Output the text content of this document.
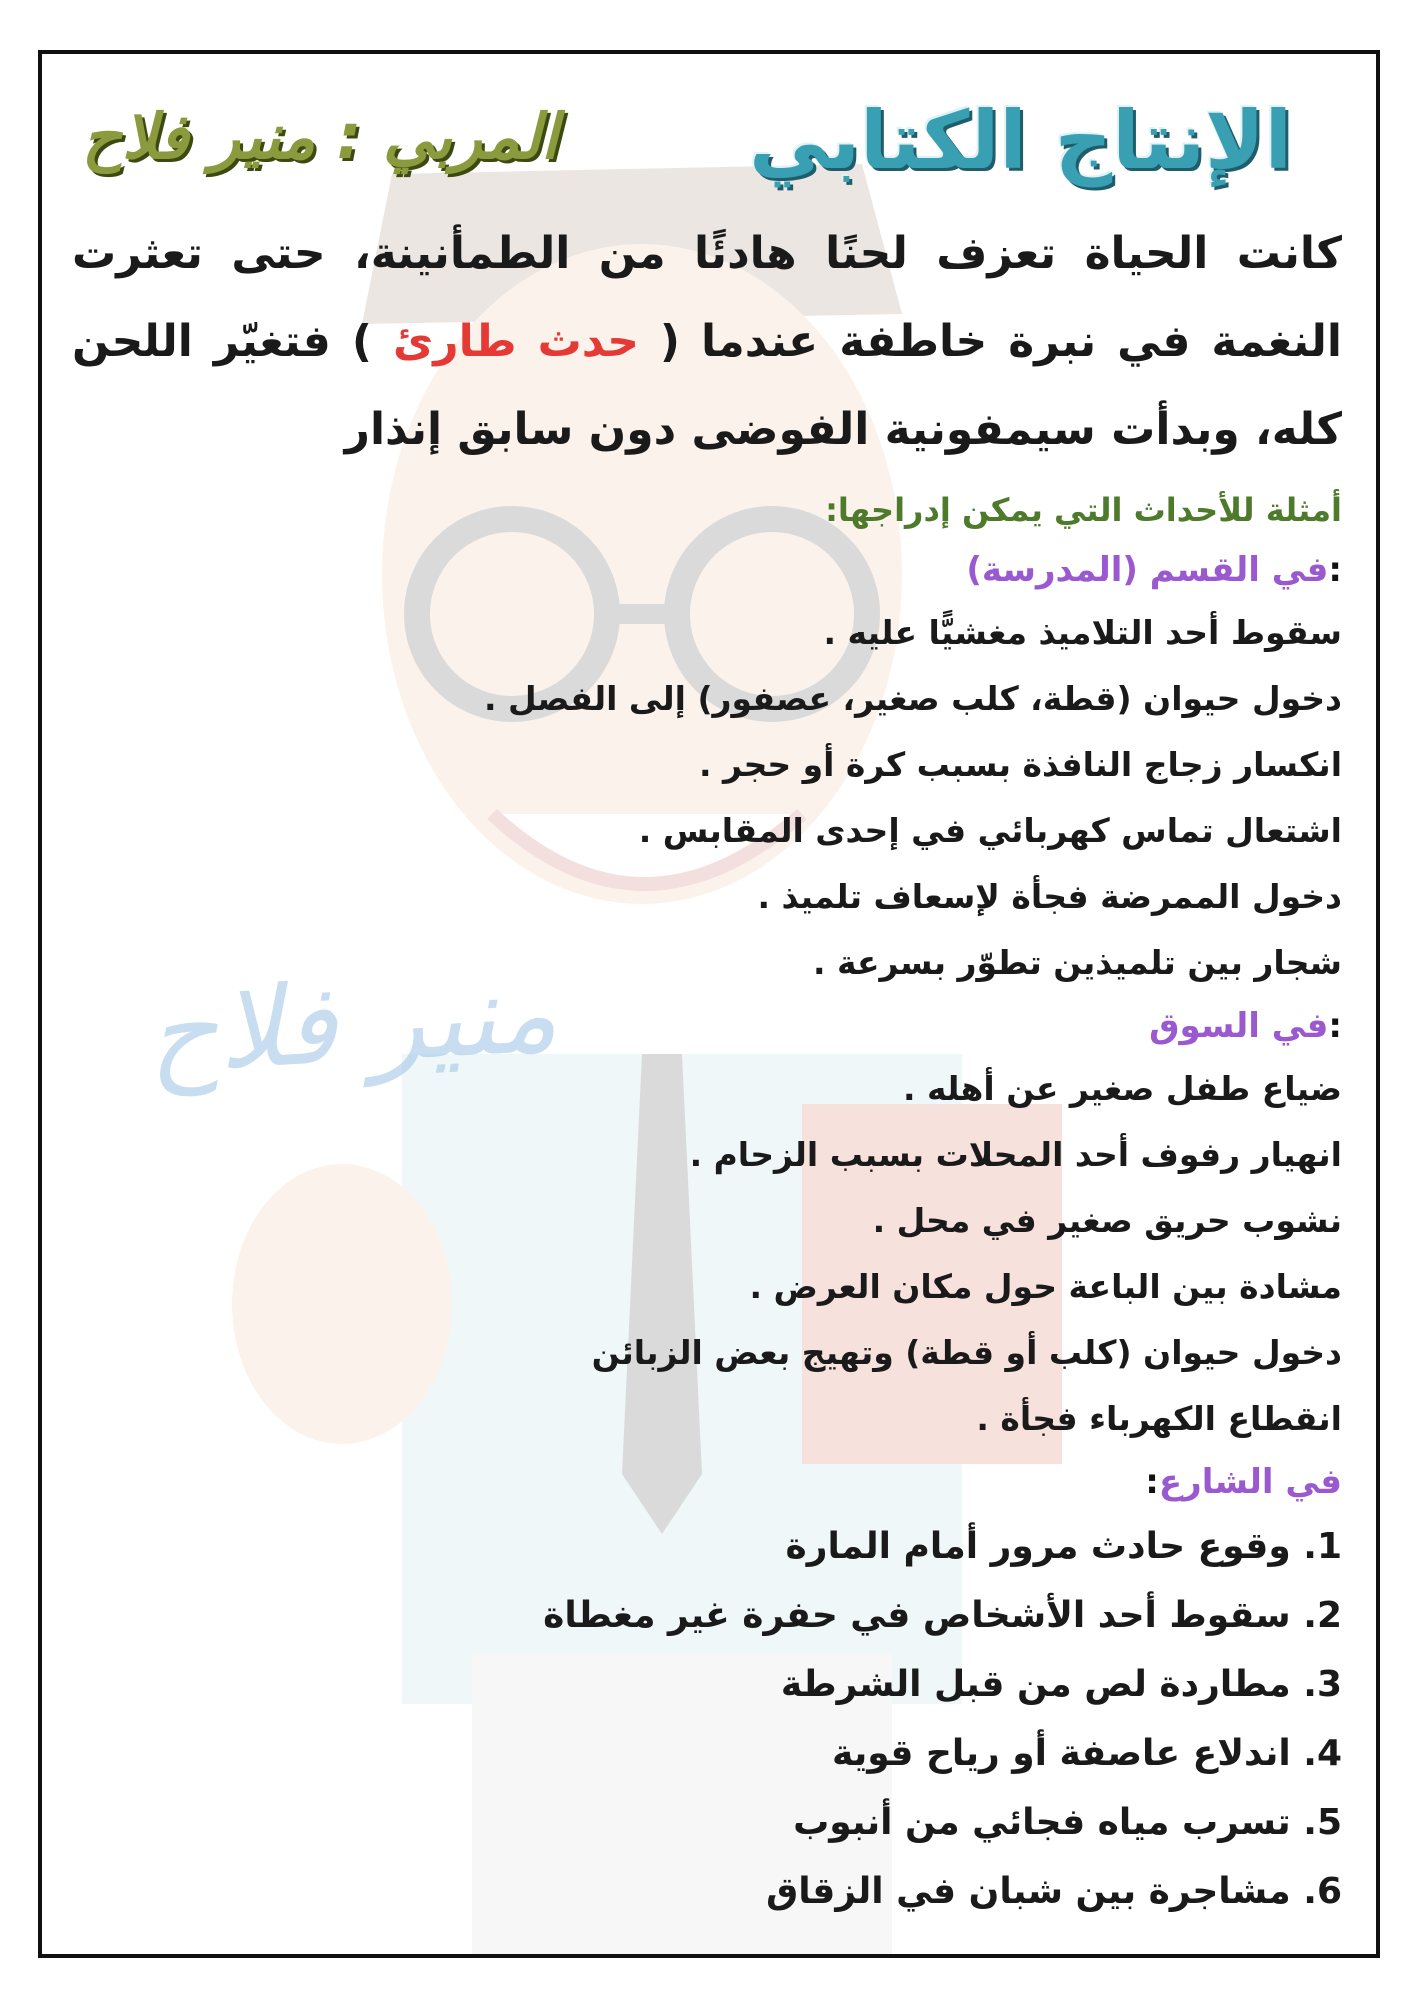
منير فلاح
الإنتاج الكتابي
المربي : منير فلاح
كانت الحياة تعزف لحنًا هادئًا من الطمأنينة، حتى تعثرت النغمة في نبرة خاطفة عندما ( حدث طارئ ) فتغيّر اللحن كله، وبدأت سيمفونية الفوضى دون سابق إنذار
أمثلة للأحداث التي يمكن إدراجها:
:في القسم (المدرسة)
سقوط أحد التلاميذ مغشيًّا عليه .
دخول حيوان (قطة، كلب صغير، عصفور) إلى الفصل .
انكسار زجاج النافذة بسبب كرة أو حجر .
اشتعال تماس كهربائي في إحدى المقابس .
دخول الممرضة فجأة لإسعاف تلميذ .
شجار بين تلميذين تطوّر بسرعة .
:في السوق
ضياع طفل صغير عن أهله .
انهيار رفوف أحد المحلات بسبب الزحام .
نشوب حريق صغير في محل .
مشادة بين الباعة حول مكان العرض .
دخول حيوان (كلب أو قطة) وتهيج بعض الزبائن
انقطاع الكهرباء فجأة .
في الشارع:
1. وقوع حادث مرور أمام المارة
2. سقوط أحد الأشخاص في حفرة غير مغطاة
3. مطاردة لص من قبل الشرطة
4. اندلاع عاصفة أو رياح قوية
5. تسرب مياه فجائي من أنبوب
6. مشاجرة بين شبان في الزقاق
